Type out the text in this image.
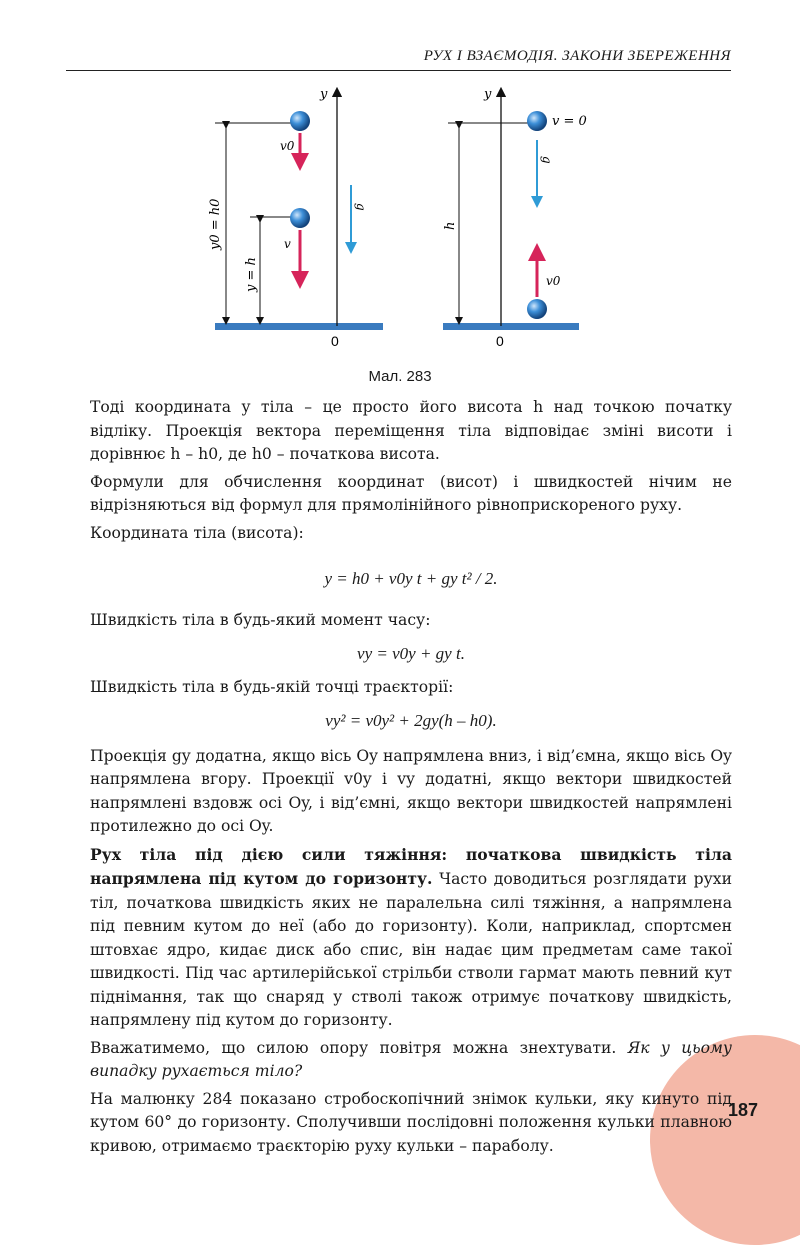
РУХ І ВЗАЄМОДІЯ. ЗАКОНИ ЗБЕРЕЖЕННЯ
y
0
y0 = h0
y = h
v0
v
g
y
0
h
v = 0
g
v0
Мал. 283

Тоді координата y тіла – це просто його висота h над точкою початку відліку. Проекція вектора переміщення тіла відповідає зміні висоти і дорівнює h – h0, де h0 – початкова висота.

Формули для обчислення координат (висот) і швидкостей нічим не відрізняються від формул для прямолінійного рівноприскореного руху.

Координата тіла (висота):

y = h0 + v0y t + gy t² / 2.

Швидкість тіла в будь-який момент часу:

vy = v0y + gy t.

Швидкість тіла в будь-якій точці траєкторії:

vy² = v0y² + 2gy(h – h0).

Проекція gy додатна, якщо вісь Oy напрямлена вниз, і від’ємна, якщо вісь Oy напрямлена вгору. Проекції v0y і vy додатні, якщо вектори швидкостей напрямлені вздовж осі Oy, і від’ємні, якщо вектори швидкостей напрямлені протилежно до осі Oy.

Рух тіла під дією сили тяжіння: початкова швидкість тіла напрямлена під кутом до горизонту. Часто доводиться розглядати рухи тіл, початкова швидкість яких не паралельна силі тяжіння, а напрямлена під певним кутом до неї (або до горизонту). Коли, наприклад, спортсмен штовхає ядро, кидає диск або спис, він надає цим предметам саме такої швидкості. Під час артилерійської стрільби стволи гармат мають певний кут піднімання, так що снаряд у стволі також отримує початкову швидкість, напрямлену під кутом до горизонту.

Вважатимемо, що силою опору повітря можна знехтувати. Як у цьому випадку рухається тіло?

На малюнку 284 показано стробоскопічний знімок кульки, яку кинуто під кутом 60° до горизонту. Сполучивши послідовні положення кульки плавною кривою, отримаємо траєкторію руху кульки – параболу.

187
